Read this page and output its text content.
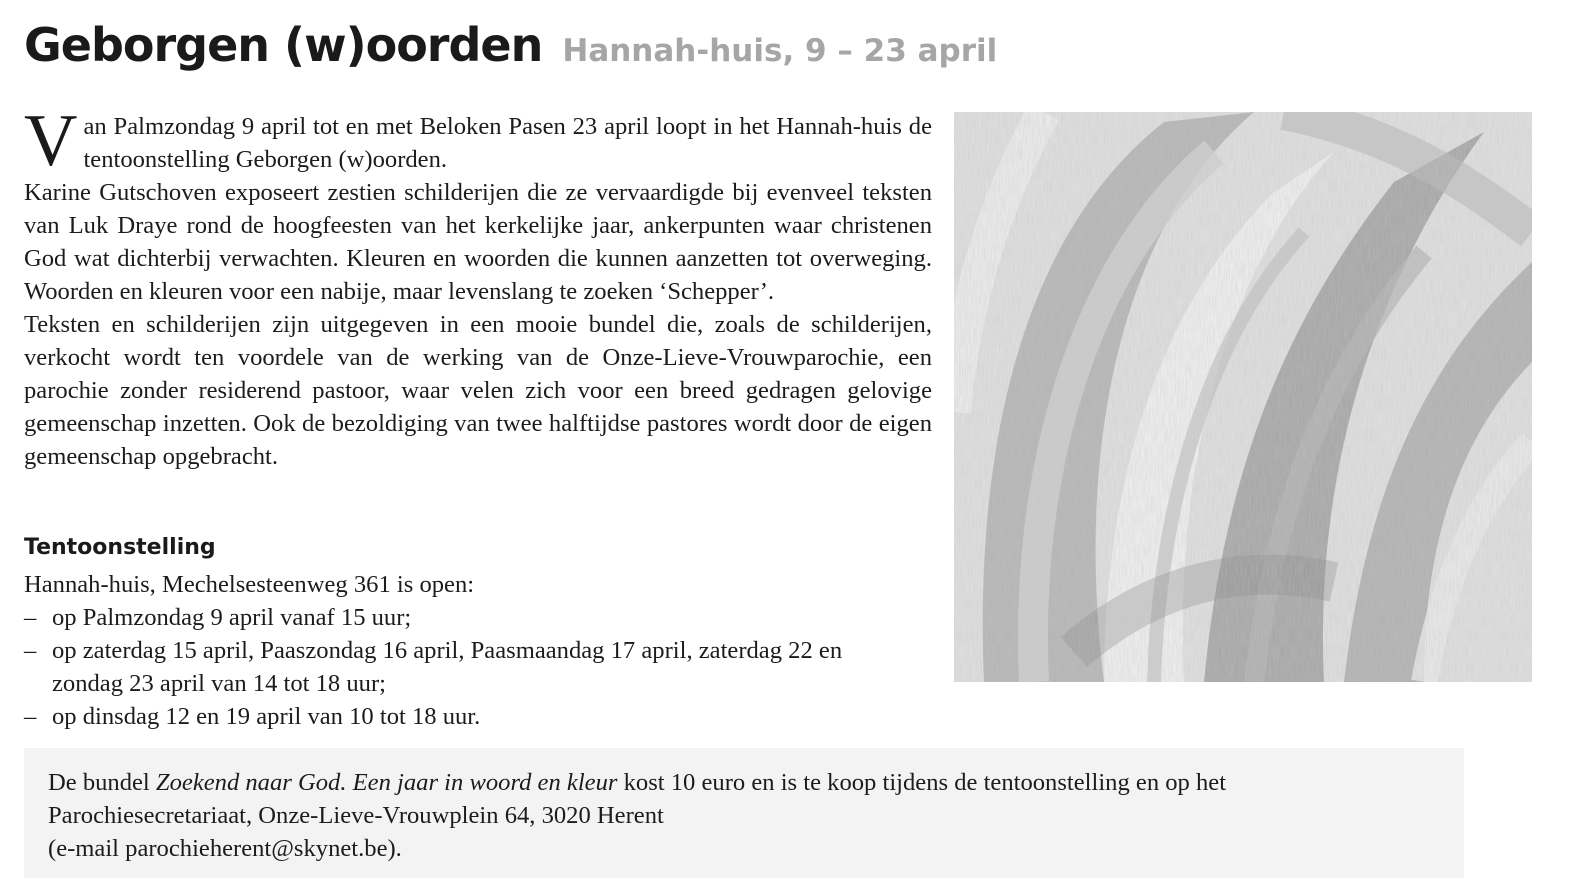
Geborgen (w)oorden Hannah-huis, 9 – 23 april

Van Palmzondag 9 april tot en met Beloken Pasen 23 april loopt in het Hannah-huis de tentoonstelling Geborgen (w)oorden.

Karine Gutschoven exposeert zestien schilderijen die ze vervaardigde bij evenveel teksten van Luk Draye rond de hoogfeesten van het kerkelijke jaar, ankerpunten waar christenen God wat dichterbij verwachten. Kleuren en woorden die kunnen aanzetten tot overweging. Woorden en kleuren voor een nabije, maar levenslang te zoeken ‘Schepper’.

Teksten en schilderijen zijn uitgegeven in een mooie bundel die, zoals de schilderijen, verkocht wordt ten voordele van de werking van de Onze-Lieve-Vrouwparochie, een parochie zonder residerend pastoor, waar velen zich voor een breed gedragen gelovige gemeenschap inzetten. Ook de bezoldiging van twee halftijdse pastores wordt door de eigen gemeenschap opgebracht.

Tentoonstelling
Hannah-huis, Mechelsesteenweg 361 is open:
– op Palmzondag 9 april vanaf 15 uur;
– op zaterdag 15 april, Paaszondag 16 april, Paasmaandag 17 april, zaterdag 22 en zondag 23 april van 14 tot 18 uur;
– op dinsdag 12 en 19 april van 10 tot 18 uur.
De bundel Zoekend naar God. Een jaar in woord en kleur kost 10 euro en is te koop tijdens de tentoonstelling en op het Parochiesecretariaat, Onze-Lieve-Vrouwplein 64, 3020 Herent
(e-mail parochieherent@skynet.be).
